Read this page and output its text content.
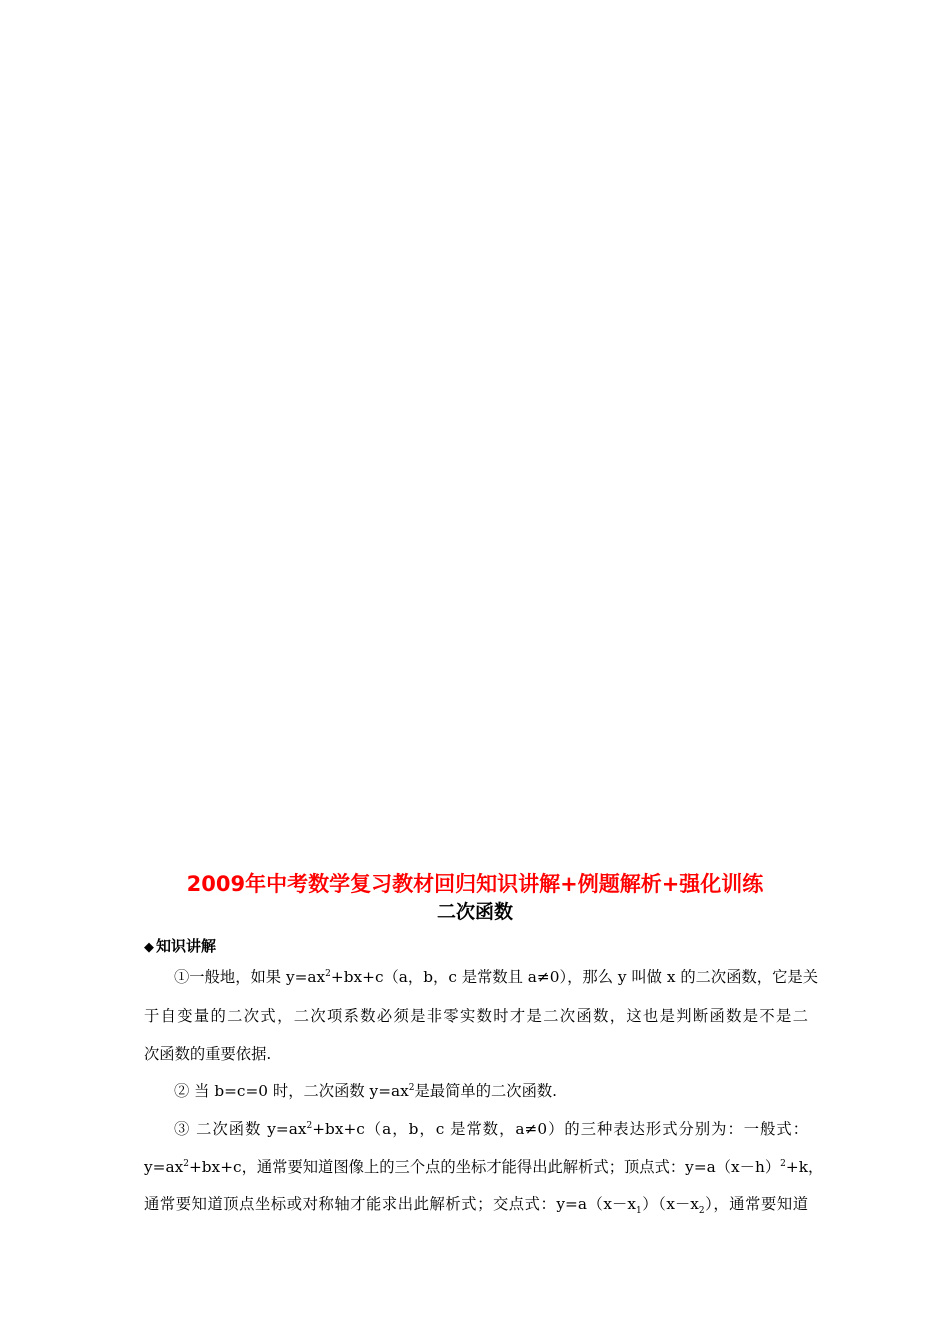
2009年中考数学复习教材回归知识讲解+例题解析+强化训练
二次函数
◆ 知识讲解
①一般地，如果 $y=ax^2+bx+c(a$，b，c 是常数且 a≠0），那么 y 叫做 x 的二次函数，它是关
于自变量的二次式，二次项系数必须是非零实数时才是二次函数，这也是判断函数是不是二
次函数的重要依据.
② 当 b=c=0 时，二次函数 $y=ax^2$是最简单的二次函数.
③ 二次函数 $y=ax^2+bx+c(a$，b，c 是常数，a≠0）的三种表达形式分别为：一般式：
$y=ax^2+bx+c$，通常要知道图像上的三个点的坐标才能得出此解析式；顶点式：$y=a(x-h)^2+k$，
通常要知道顶点坐标或对称轴才能求出此解析式；交点式：$y=a(x-x_1)(x-x_2)$，通常要知道
